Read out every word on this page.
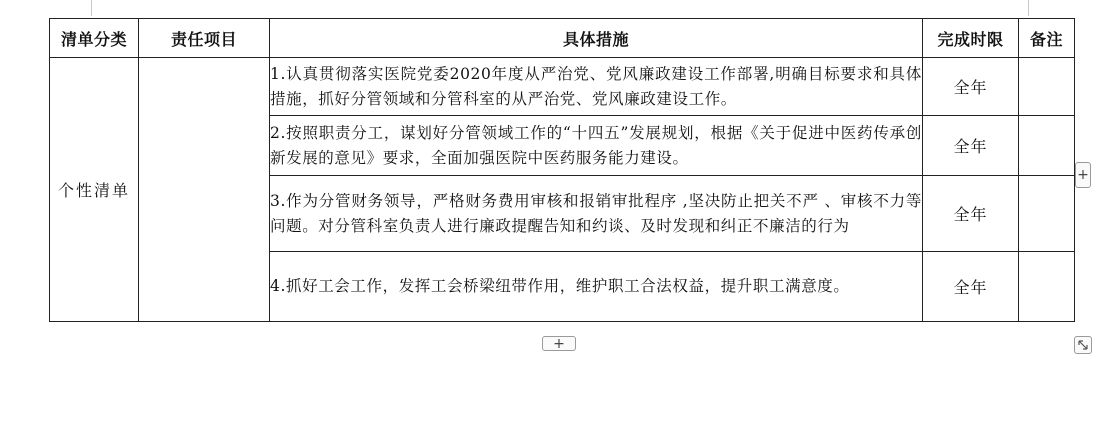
清单分类	责任项目	具体措施	完成时限	备注
个性清单		1.认真贯彻落实医院党委2020年度从严治党、党风廉政建设工作部署,明确目标要求和具体措施，抓好分管领域和分管科室的从严治党、党风廉政建设工作。	全年	
		2.按照职责分工，谋划好分管领域工作的“十四五”发展规划，根据《关于促进中医药传承创新发展的意见》要求，全面加强医院中医药服务能力建设。	全年	
		3.作为分管财务领导，严格财务费用审核和报销审批程序 ,坚决防止把关不严 、审核不力等问题。对分管科室负责人进行廉政提醒告知和约谈、及时发现和纠正不廉洁的行为	全年	
		4.抓好工会工作，发挥工会桥梁纽带作用，维护职工合法权益，提升职工满意度。	全年	
+
+
